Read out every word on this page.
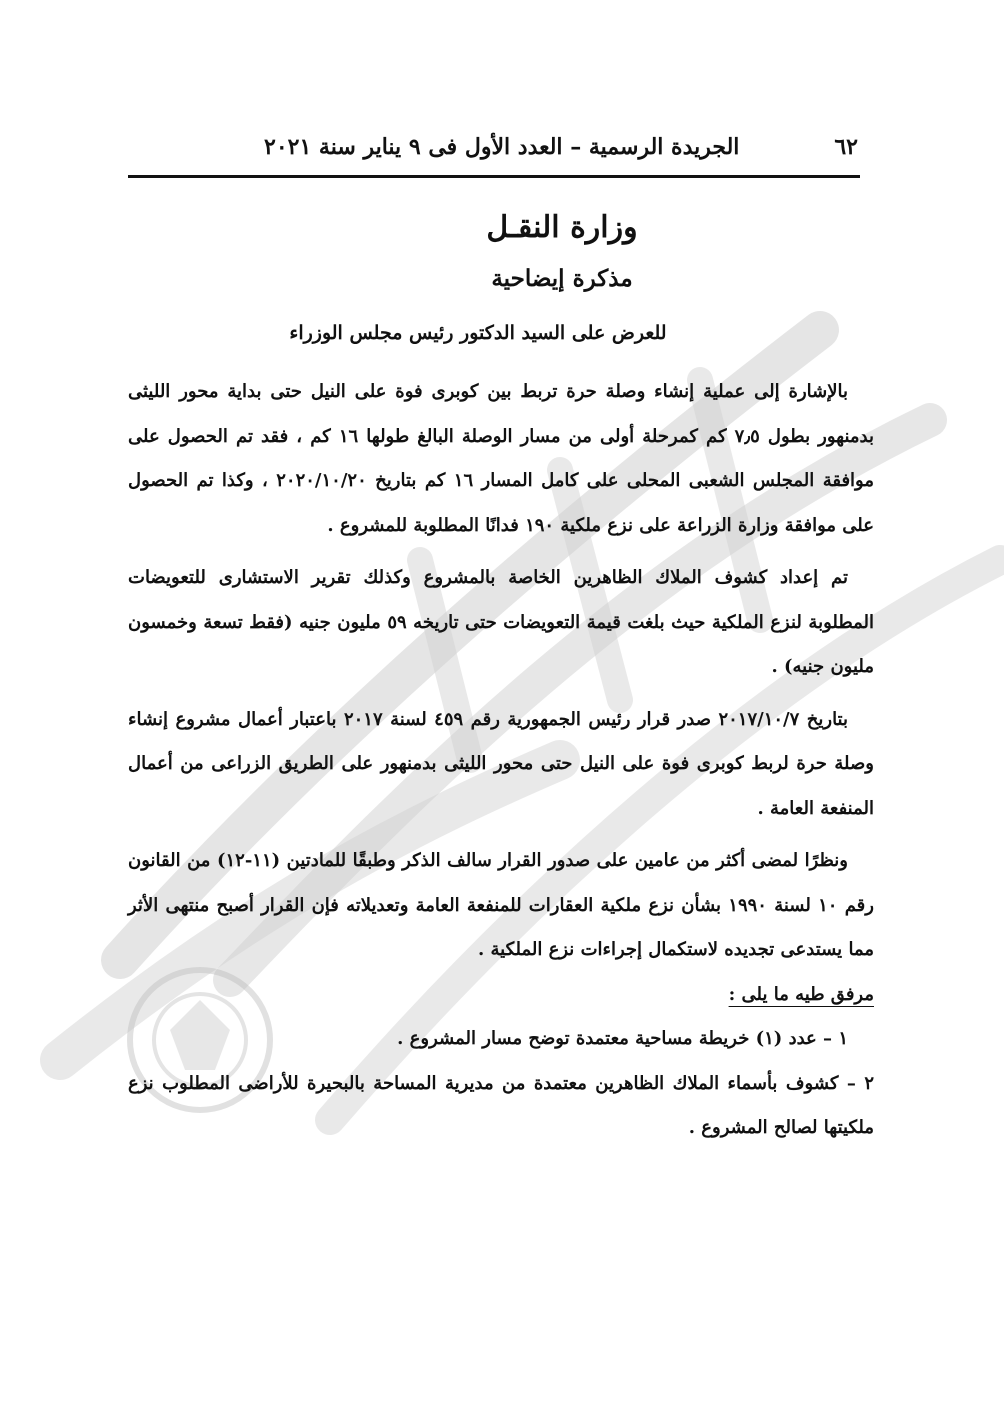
٦٢
الجريدة الرسمية – العدد الأول فى ٩ يناير سنة ٢٠٢١
وزارة النقـل
مذكرة إيضاحية
للعرض على السيد الدكتور رئيس مجلس الوزراء

بالإشارة إلى عملية إنشاء وصلة حرة تربط بين كوبرى فوة على النيل حتى بداية محور الليثى بدمنهور بطول ٧٫٥ كم كمرحلة أولى من مسار الوصلة البالغ طولها ١٦ كم ، فقد تم الحصول على موافقة المجلس الشعبى المحلى على كامل المسار ١٦ كم بتاريخ ٢٠٢٠/١٠/٢٠ ، وكذا تم الحصول على موافقة وزارة الزراعة على نزع ملكية ١٩٠ فدانًا المطلوبة للمشروع .

تم إعداد كشوف الملاك الظاهرين الخاصة بالمشروع وكذلك تقرير الاستشارى للتعويضات المطلوبة لنزع الملكية حيث بلغت قيمة التعويضات حتى تاريخه ٥٩ مليون جنيه (فقط تسعة وخمسون مليون جنيه) .

بتاريخ ٢٠١٧/١٠/٧ صدر قرار رئيس الجمهورية رقم ٤٥٩ لسنة ٢٠١٧ باعتبار أعمال مشروع إنشاء وصلة حرة لربط كوبرى فوة على النيل حتى محور الليثى بدمنهور على الطريق الزراعى من أعمال المنفعة العامة .

ونظرًا لمضى أكثر من عامين على صدور القرار سالف الذكر وطبقًا للمادتين (١١-١٢) من القانون رقم ١٠ لسنة ١٩٩٠ بشأن نزع ملكية العقارات للمنفعة العامة وتعديلاته فإن القرار أصبح منتهى الأثر مما يستدعى تجديده لاستكمال إجراءات نزع الملكية .

مرفق طيه ما يلى :

١ – عدد (١) خريطة مساحية معتمدة توضح مسار المشروع .

٢ – كشوف بأسماء الملاك الظاهرين معتمدة من مديرية المساحة بالبحيرة للأراضى المطلوب نزع ملكيتها لصالح المشروع .
